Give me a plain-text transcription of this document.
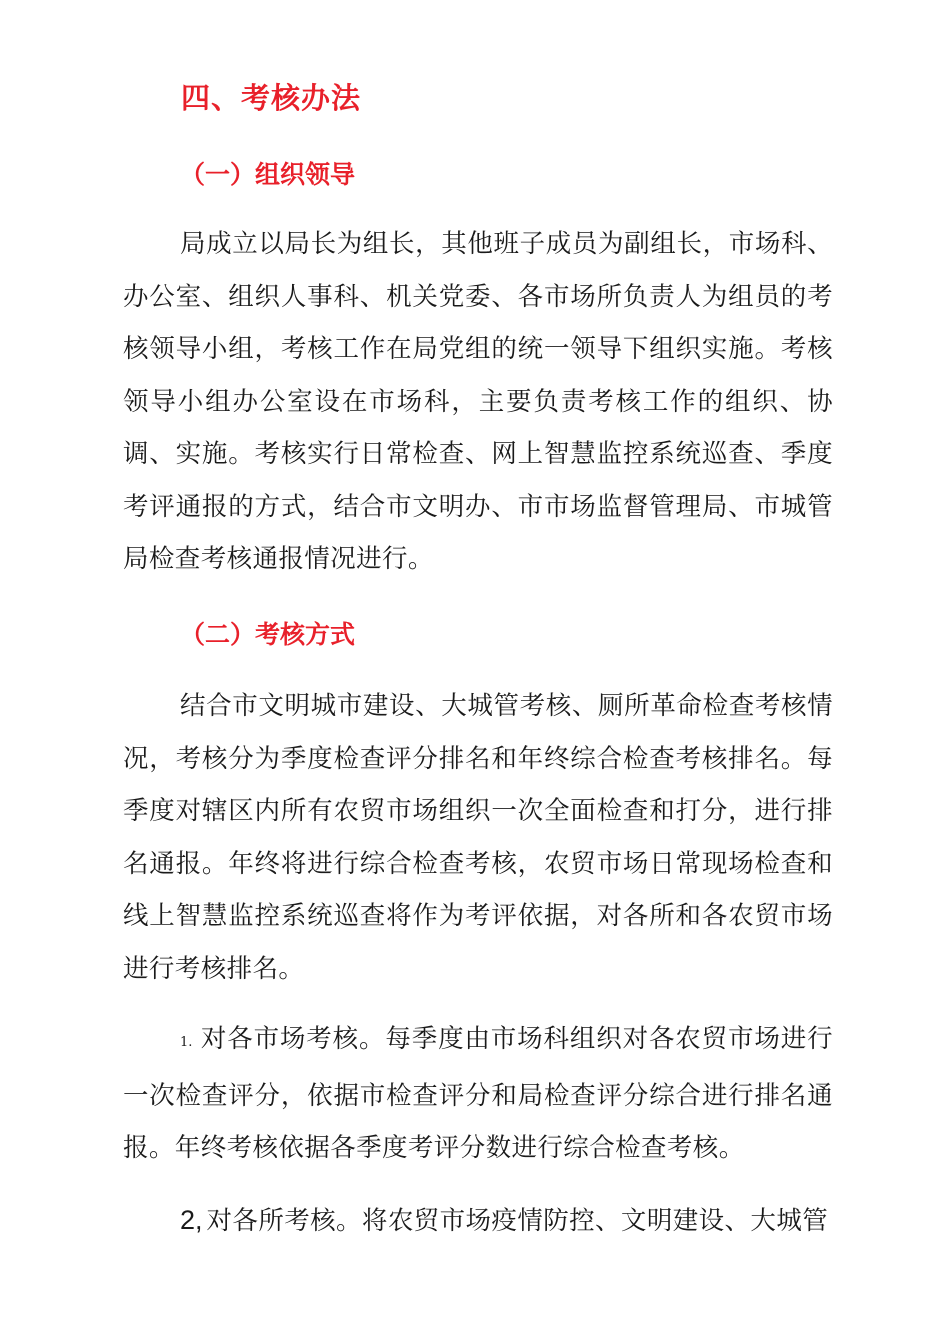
四、考核办法
（一）组织领导

局成立以局长为组长，其他班子成员为副组长，市场科、办公室、组织人事科、机关党委、各市场所负责人为组员的考核领导小组，考核工作在局党组的统一领导下组织实施。考核领导小组办公室设在市场科，主要负责考核工作的组织、协调、实施。考核实行日常检查、网上智慧监控系统巡查、季度考评通报的方式，结合市文明办、市市场监督管理局、市城管局检查考核通报情况进行。

（二）考核方式

结合市文明城市建设、大城管考核、厕所革命检查考核情况，考核分为季度检查评分排名和年终综合检查考核排名。每季度对辖区内所有农贸市场组织一次全面检查和打分，进行排名通报。年终将进行综合检查考核，农贸市场日常现场检查和线上智慧监控系统巡查将作为考评依据，对各所和各农贸市场进行考核排名。

1. 对各市场考核。每季度由市场科组织对各农贸市场进行一次检查评分，依据市检查评分和局检查评分综合进行排名通报。年终考核依据各季度考评分数进行综合检查考核。

2, 对各所考核。将农贸市场疫情防控、文明建设、大城管
